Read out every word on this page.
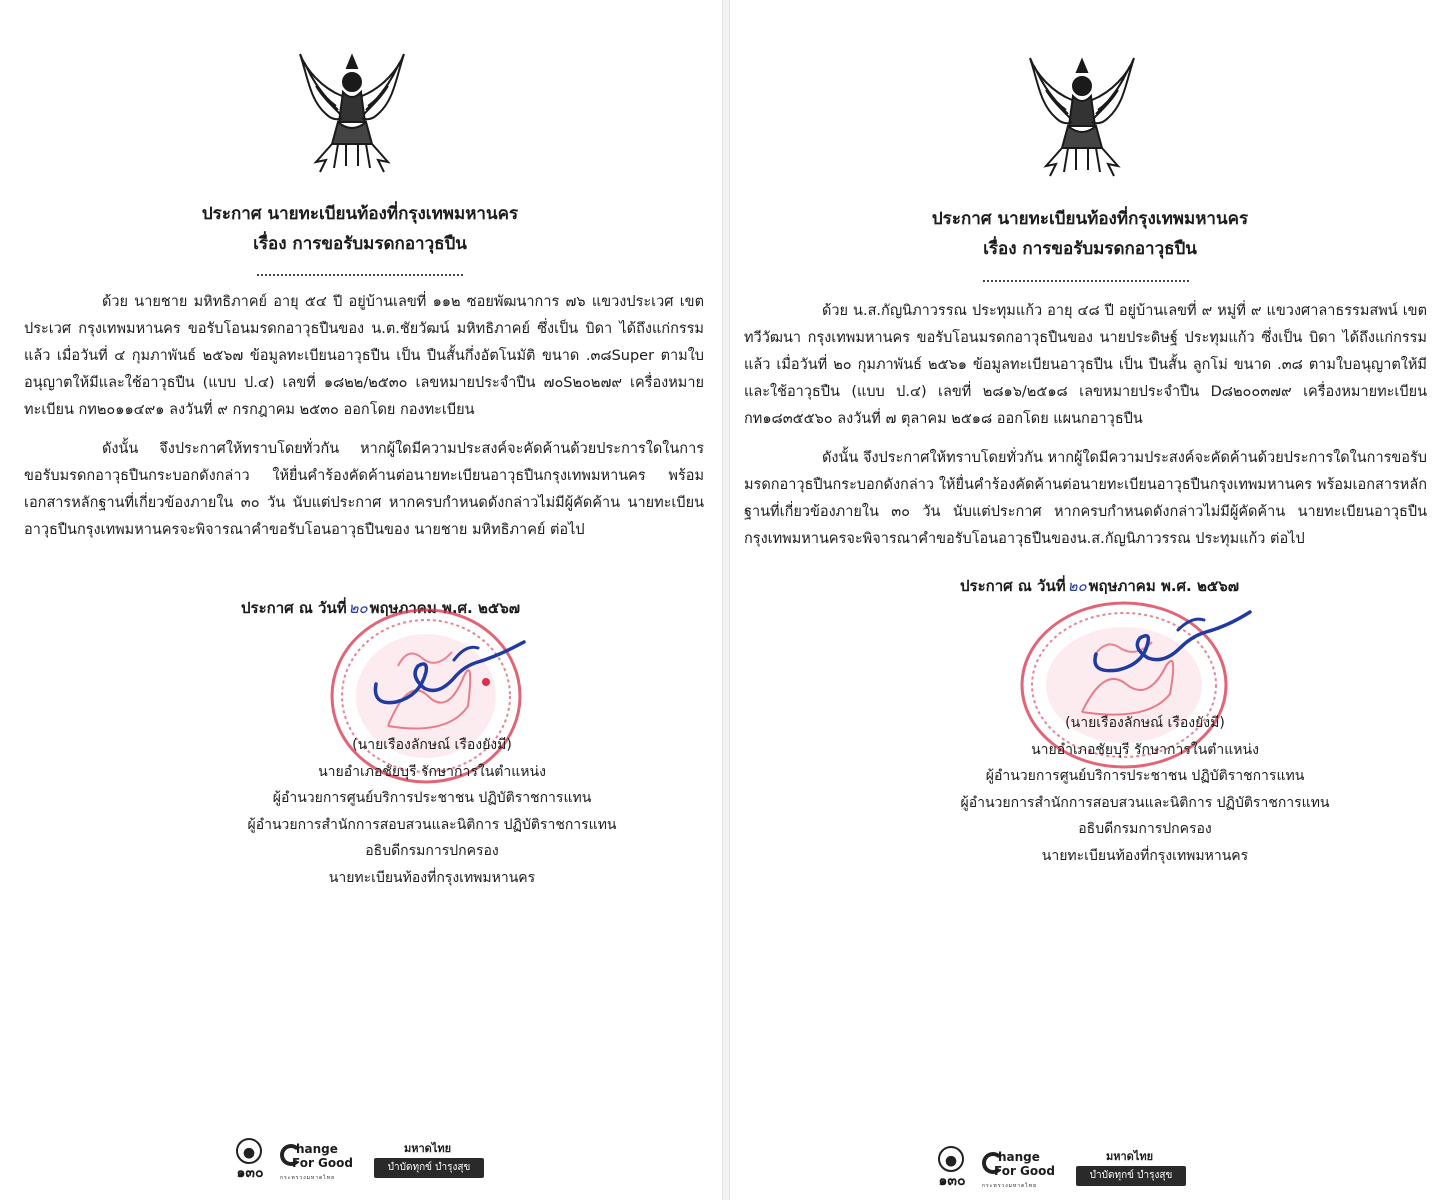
ประกาศ นายทะเบียนท้องที่กรุงเทพมหานคร
เรื่อง การขอรับมรดกอาวุธปืน

ด้วย นายชาย มหิทธิภาคย์ อายุ ๕๔ ปี อยู่บ้านเลขที่ ๑๑๒ ซอยพัฒนาการ ๗๖ แขวงประเวศ เขตประเวศ กรุงเทพมหานคร ขอรับโอนมรดกอาวุธปืนของ น.ต.ชัยวัฒน์ มหิทธิภาคย์ ซึ่งเป็น บิดา ได้ถึงแก่กรรมแล้ว เมื่อวันที่ ๔ กุมภาพันธ์ ๒๕๖๗ ข้อมูลทะเบียนอาวุธปืน เป็น ปืนสั้นกึ่งอัตโนมัติ ขนาด .๓๘Super ตามใบอนุญาตให้มีและใช้อาวุธปืน (แบบ ป.๔) เลขที่ ๑๘๒๒/๒๕๓๐ เลขหมายประจำปืน ๗๐S๒๐๒๗๙ เครื่องหมายทะเบียน กท๒๐๑๑๔๙๑ ลงวันที่ ๙ กรกฎาคม ๒๕๓๐ ออกโดย กองทะเบียน

ดังนั้น จึงประกาศให้ทราบโดยทั่วกัน หากผู้ใดมีความประสงค์จะคัดค้านด้วยประการใดในการขอรับมรดกอาวุธปืนกระบอกดังกล่าว ให้ยื่นคำร้องคัดค้านต่อนายทะเบียนอาวุธปืนกรุงเทพมหานคร พร้อมเอกสารหลักฐานที่เกี่ยวข้องภายใน ๓๐ วัน นับแต่ประกาศ หากครบกำหนดดังกล่าวไม่มีผู้คัดค้าน นายทะเบียนอาวุธปืนกรุงเทพมหานครจะพิจารณาคำขอรับโอนอาวุธปืนของ นายชาย มหิทธิภาคย์ ต่อไป

ประกาศ ณ วันที่ ๒๐ พฤษภาคม พ.ศ. ๒๕๖๗
(นายเรืองลักษณ์ เรืองยังมี)
นายอำเภอชัยบุรี รักษาการในตำแหน่ง
ผู้อำนวยการศูนย์บริการประชาชน ปฏิบัติราชการแทน
ผู้อำนวยการสำนักการสอบสวนและนิติการ ปฏิบัติราชการแทน
อธิบดีกรมการปกครอง
นายทะเบียนท้องที่กรุงเทพมหานคร
๑๓๐
hange
For Good
กระทรวงมหาดไทย
มหาดไทย
บำบัดทุกข์ บำรุงสุข
ประกาศ นายทะเบียนท้องที่กรุงเทพมหานคร
เรื่อง การขอรับมรดกอาวุธปืน

ด้วย น.ส.กัญนิภาวรรณ ประทุมแก้ว อายุ ๔๘ ปี อยู่บ้านเลขที่ ๙ หมู่ที่ ๙ แขวงศาลาธรรมสพน์ เขตทวีวัฒนา กรุงเทพมหานคร ขอรับโอนมรดกอาวุธปืนของ นายประดิษฐ์ ประทุมแก้ว ซึ่งเป็น บิดา ได้ถึงแก่กรรมแล้ว เมื่อวันที่ ๒๐ กุมภาพันธ์ ๒๕๖๑ ข้อมูลทะเบียนอาวุธปืน เป็น ปืนสั้น ลูกโม่ ขนาด .๓๘ ตามใบอนุญาตให้มีและใช้อาวุธปืน (แบบ ป.๔) เลขที่ ๒๘๑๖/๒๕๑๘ เลขหมายประจำปืน D๘๒๐๐๓๗๙ เครื่องหมายทะเบียน กท๑๘๓๕๕๖๐ ลงวันที่ ๗ ตุลาคม ๒๕๑๘ ออกโดย แผนกอาวุธปืน

ดังนั้น จึงประกาศให้ทราบโดยทั่วกัน หากผู้ใดมีความประสงค์จะคัดค้านด้วยประการใดในการขอรับมรดกอาวุธปืนกระบอกดังกล่าว ให้ยื่นคำร้องคัดค้านต่อนายทะเบียนอาวุธปืนกรุงเทพมหานคร พร้อมเอกสารหลักฐานที่เกี่ยวข้องภายใน ๓๐ วัน นับแต่ประกาศ หากครบกำหนดดังกล่าวไม่มีผู้คัดค้าน นายทะเบียนอาวุธปืนกรุงเทพมหานครจะพิจารณาคำขอรับโอนอาวุธปืนของน.ส.กัญนิภาวรรณ ประทุมแก้ว ต่อไป

ประกาศ ณ วันที่ ๒๐ พฤษภาคม พ.ศ. ๒๕๖๗
(นายเรืองลักษณ์ เรืองยังมี)
นายอำเภอชัยบุรี รักษาการในตำแหน่ง
ผู้อำนวยการศูนย์บริการประชาชน ปฏิบัติราชการแทน
ผู้อำนวยการสำนักการสอบสวนและนิติการ ปฏิบัติราชการแทน
อธิบดีกรมการปกครอง
นายทะเบียนท้องที่กรุงเทพมหานคร
๑๓๐
hange
For Good
กระทรวงมหาดไทย
มหาดไทย
บำบัดทุกข์ บำรุงสุข
